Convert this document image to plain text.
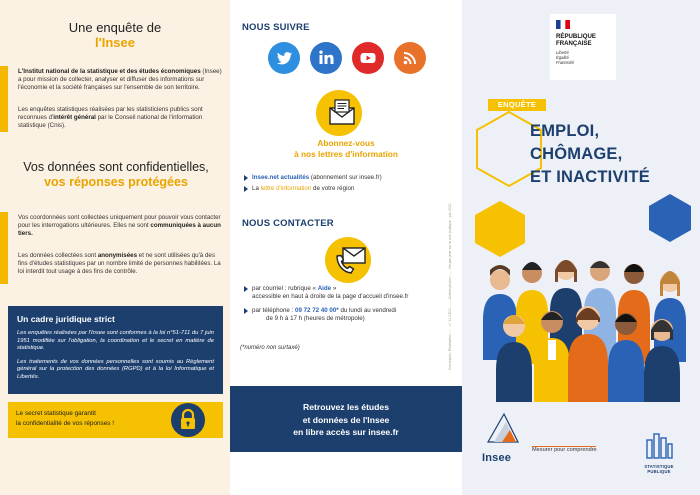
Une enquête de
l'Insee
L'Institut national de la statistique et des études économiques (Insee) a pour mission de collecter, analyser et diffuser des informations sur l'économie et la société françaises sur l'ensemble de son territoire.
Les enquêtes statistiques réalisées par les statisticiens publics sont reconnues d'intérêt général par le Conseil national de l'information statistique (Cnis).
Vos données sont confidentielles,
vos réponses protégées
Vos coordonnées sont collectées uniquement pour pouvoir vous contacter pour les interrogations ultérieures. Elles ne sont communiquées à aucun tiers.
Les données collectées sont anonymisées et ne sont utilisées qu'à des fins d'études statistiques par un nombre limité de personnes habilitées. La loi interdit tout usage à des fins de contrôle.
Un cadre juridique strict
Les enquêtes réalisées par l'Insee sont conformes à la loi n°51-711 du 7 juin 1951 modifiée sur l'obligation, la coordination et le secret en matière de statistique.
Les traitements de vos données personnelles sont soumis au Règlement général sur la protection des données (RGPD) et à la loi Informatique et Libertés.
Le secret statistique garantit
la confidentialité de vos réponses !
NOUS SUIVRE
Abonnez-vous
à nos lettres d'information
Insee.net actualités (abonnement sur insee.fr)
La lettre d'information de votre région
NOUS CONTACTER
par courriel : rubrique « Aide »
accessible en haut à droite de la page d'accueil d'insee.fr
par téléphone : 09 72 72 40 00* du lundi au vendredi
de 9 h à 17 h (heures de métropole)
(*numéro non surtaxé)
Retrouvez les études
et données de l'Insee
en libre accès sur insee.fr
Conception, Réalisation : ... - n° 11.2.E01 - ... - Crédits photos : ... - Ne pas jeter sur la voie publique - juin 2021
RÉPUBLIQUE
FRANÇAISE
Liberté
Égalité
Fraternité
ENQUÊTE
EMPLOI,
CHÔMAGE,
ET INACTIVITÉ
Insee
Mesurer pour comprendre
STATISTIQUE
PUBLIQUE
